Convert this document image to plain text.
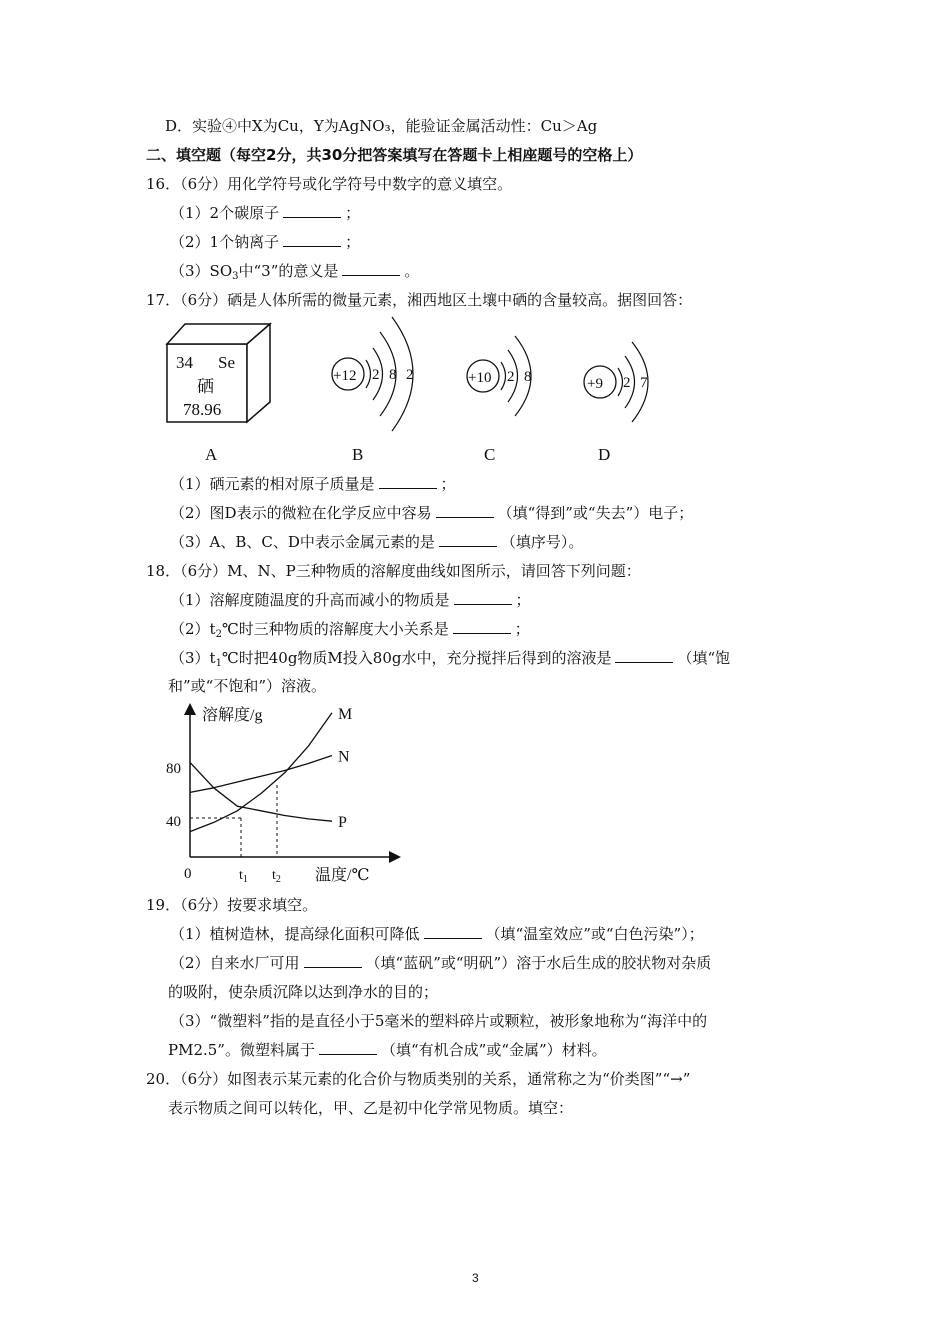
D．实验④中X为Cu，Y为AgNO₃，能验证金属活动性：Cu＞Ag
二、填空题（每空2分，共30分把答案填写在答题卡上相座题号的空格上）
16．（6分）用化学符号或化学符号中数字的意义填空。
（1）2个碳原子	；
（2）1个钠离子	；
$(3)SO_3$中“3”的意义是	。
17．（6分）硒是人体所需的微量元素，湘西地区土壤中硒的含量较高。据图回答：
34 Se
硒
78.96
+12 2 8 2	+10 2 8	+9 2 7
A	B	C	D
（1）硒元素的相对原子质量是	；
（2）图D表示的微粒在化学反应中容易	（填“得到”或“失去”）电子；
（3）A、B、C、D中表示金属元素的是	（填序号）。
18．（6分）M、N、P三种物质的溶解度曲线如图所示，请回答下列问题：
（1）溶解度随温度的升高而减小的物质是	；
$(2)t_2℃$时三种物质的溶解度大小关系是	；
$(3)t_1℃$时把40g物质M投入80g水中，充分搅拌后得到的溶液是	（填“饱
和”或“不饱和”）溶液。
溶解度/g
温度/℃
0
80
40
$t_1$ $t_2$
M
N
P
19．（6分）按要求填空。
（1）植树造林，提高绿化面积可降低	（填“温室效应”或“白色污染”）；
（2）自来水厂可用	（填“蓝矾”或“明矾”）溶于水后生成的胶状物对杂质
的吸附，使杂质沉降以达到净水的目的；
（3）“微塑料”指的是直径小于5毫米的塑料碎片或颗粒，被形象地称为“海洋中的
PM2.5”。微塑料属于	（填“有机合成”或“金属”）材料。
20．（6分）如图表示某元素的化合价与物质类别的关系，通常称之为“价类图”“→”
表示物质之间可以转化，甲、乙是初中化学常见物质。填空：
3
